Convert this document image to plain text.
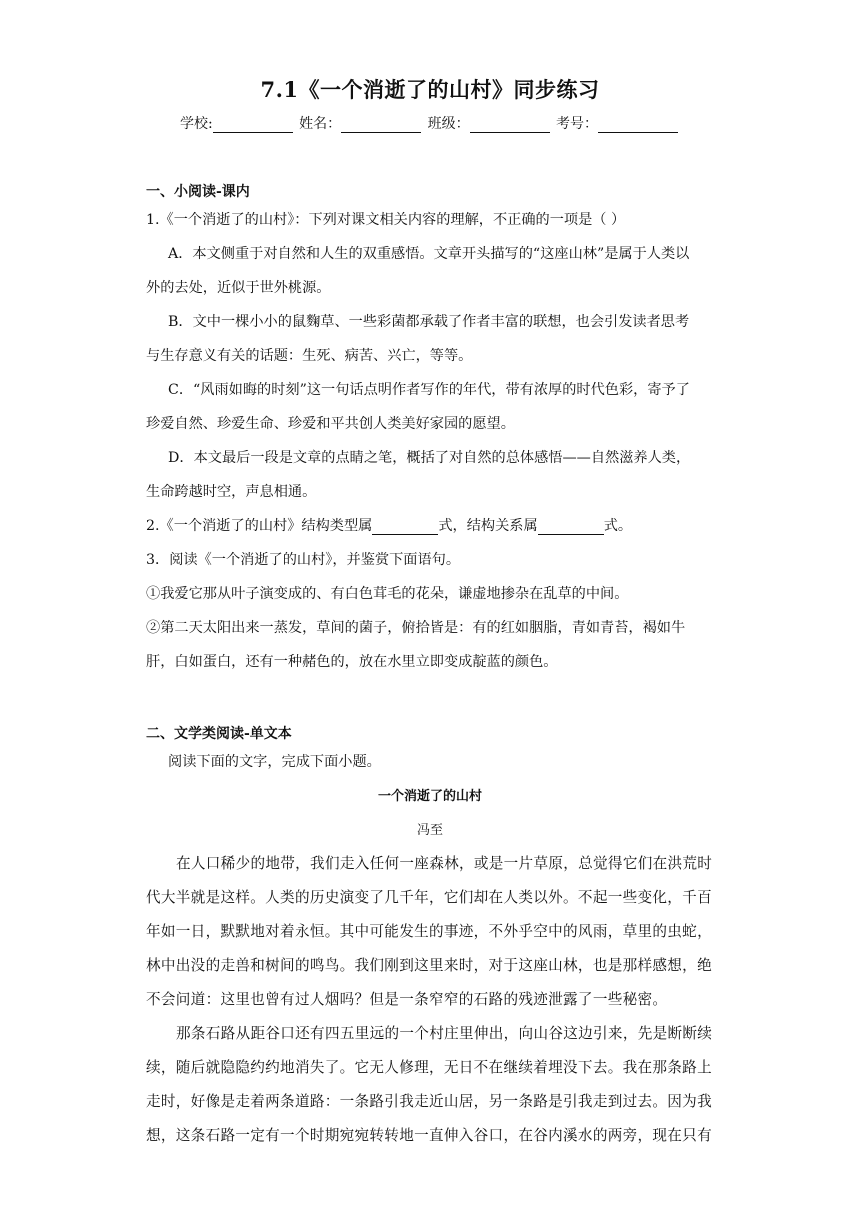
7.1《一个消逝了的山村》同步练习
学校:	姓名：	班级：	考号：
一、小阅读-课内
1.《一个消逝了的山村》：下列对课文相关内容的理解，不正确的一项是（ ）
A．本文侧重于对自然和人生的双重感悟。文章开头描写的“这座山林”是属于人类以
外的去处，近似于世外桃源。
B．文中一棵小小的鼠麴草、一些彩菌都承载了作者丰富的联想，也会引发读者思考
与生存意义有关的话题：生死、病苦、兴亡，等等。
C．“风雨如晦的时刻”这一句话点明作者写作的年代，带有浓厚的时代色彩，寄予了
珍爱自然、珍爱生命、珍爱和平共创人类美好家园的愿望。
D．本文最后一段是文章的点睛之笔，概括了对自然的总体感悟——自然滋养人类，
生命跨越时空，声息相通。
2.《一个消逝了的山村》结构类型属	式，结构关系属	式。
3．阅读《一个消逝了的山村》，并鉴赏下面语句。
①我爱它那从叶子演变成的、有白色茸毛的花朵，谦虚地掺杂在乱草的中间。
②第二天太阳出来一蒸发，草间的菌子，俯拾皆是：有的红如胭脂，青如青苔，褐如牛
肝，白如蛋白，还有一种赭色的，放在水里立即变成靛蓝的颜色。
二、文学类阅读-单文本
阅读下面的文字，完成下面小题。
一个消逝了的山村
冯至
在人口稀少的地带，我们走入任何一座森林，或是一片草原，总觉得它们在洪荒时
代大半就是这样。人类的历史演变了几千年，它们却在人类以外。不起一些变化，千百
年如一日，默默地对着永恒。其中可能发生的事迹，不外乎空中的风雨，草里的虫蛇，
林中出没的走兽和树间的鸣鸟。我们刚到这里来时，对于这座山林，也是那样感想，绝
不会问道：这里也曾有过人烟吗？但是一条窄窄的石路的残迹泄露了一些秘密。
那条石路从距谷口还有四五里远的一个村庄里伸出，向山谷这边引来，先是断断续
续，随后就隐隐约约地消失了。它无人修理，无日不在继续着埋没下去。我在那条路上
走时，好像是走着两条道路：一条路引我走近山居，另一条路是引我走到过去。因为我
想，这条石路一定有一个时期宛宛转转地一直伸入谷口，在谷内溪水的两旁，现在只有
